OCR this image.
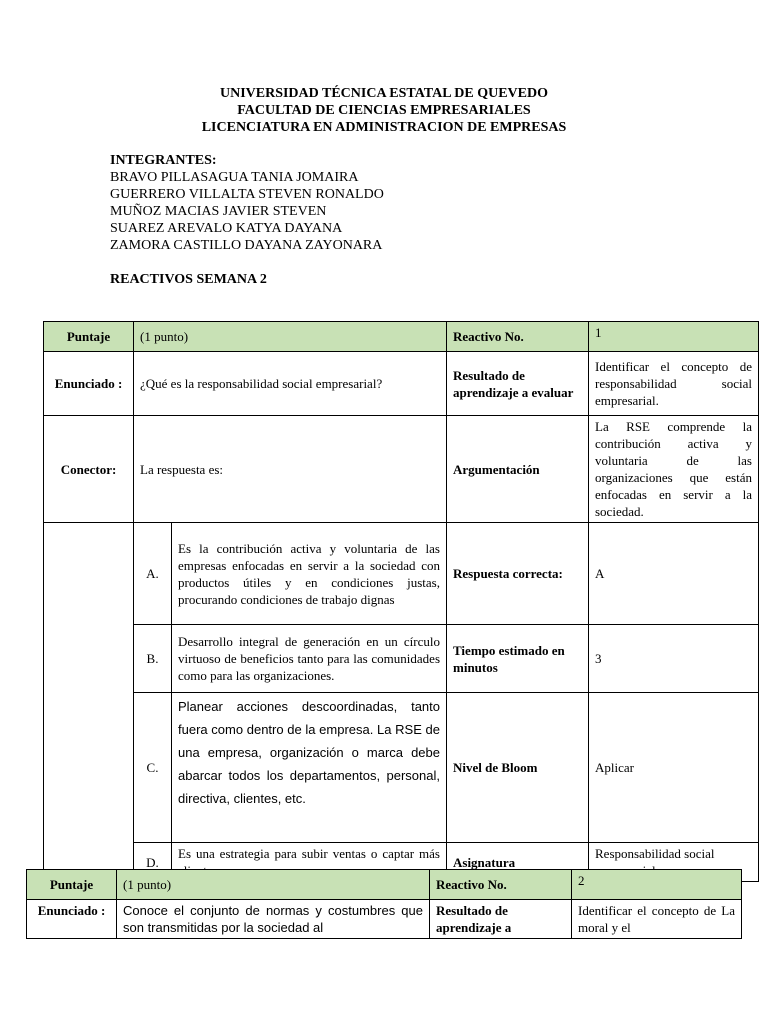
UNIVERSIDAD TÉCNICA ESTATAL DE QUEVEDO
FACULTAD DE CIENCIAS EMPRESARIALES
LICENCIATURA EN ADMINISTRACION DE EMPRESAS
INTEGRANTES:
BRAVO PILLASAGUA TANIA JOMAIRA
GUERRERO VILLALTA STEVEN RONALDO
MUÑOZ MACIAS JAVIER STEVEN
SUAREZ AREVALO KATYA DAYANA
ZAMORA CASTILLO DAYANA ZAYONARA
REACTIVOS SEMANA 2
Puntaje	(1 punto)		Reactivo No.	1
Enunciado :	¿Qué es la responsabilidad social empresarial?		Resultado de aprendizaje a evaluar	Identificar el concepto de responsabilidad social empresarial.
Conector:	La respuesta es:		Argumentación	La RSE comprende la contribución activa y voluntaria de las organizaciones que están enfocadas en servir a la sociedad.
	A.	Es la contribución activa y voluntaria de las empresas enfocadas en servir a la sociedad con productos útiles y en condiciones justas, procurando condiciones de trabajo dignas	Respuesta correcta:	A
	B.	Desarrollo integral de generación en un círculo virtuoso de beneficios tanto para las comunidades como para las organizaciones.	Tiempo estimado en minutos	3
	C.	Planear acciones descoordinadas, tanto fuera como dentro de la empresa. La RSE de una empresa, organización o marca debe abarcar todos los departamentos, personal, directiva, clientes, etc.	Nivel de Bloom	Aplicar
	D.	Es una estrategia para subir ventas o captar más	Asignatura	Responsabilidad social
Puntaje	(1 punto)	Reactivo No.	2
Enunciado :	Conoce el conjunto de normas y costumbres que son transmitidas por la sociedad al	Resultado de aprendizaje a	Identificar el concepto de La moral y el
